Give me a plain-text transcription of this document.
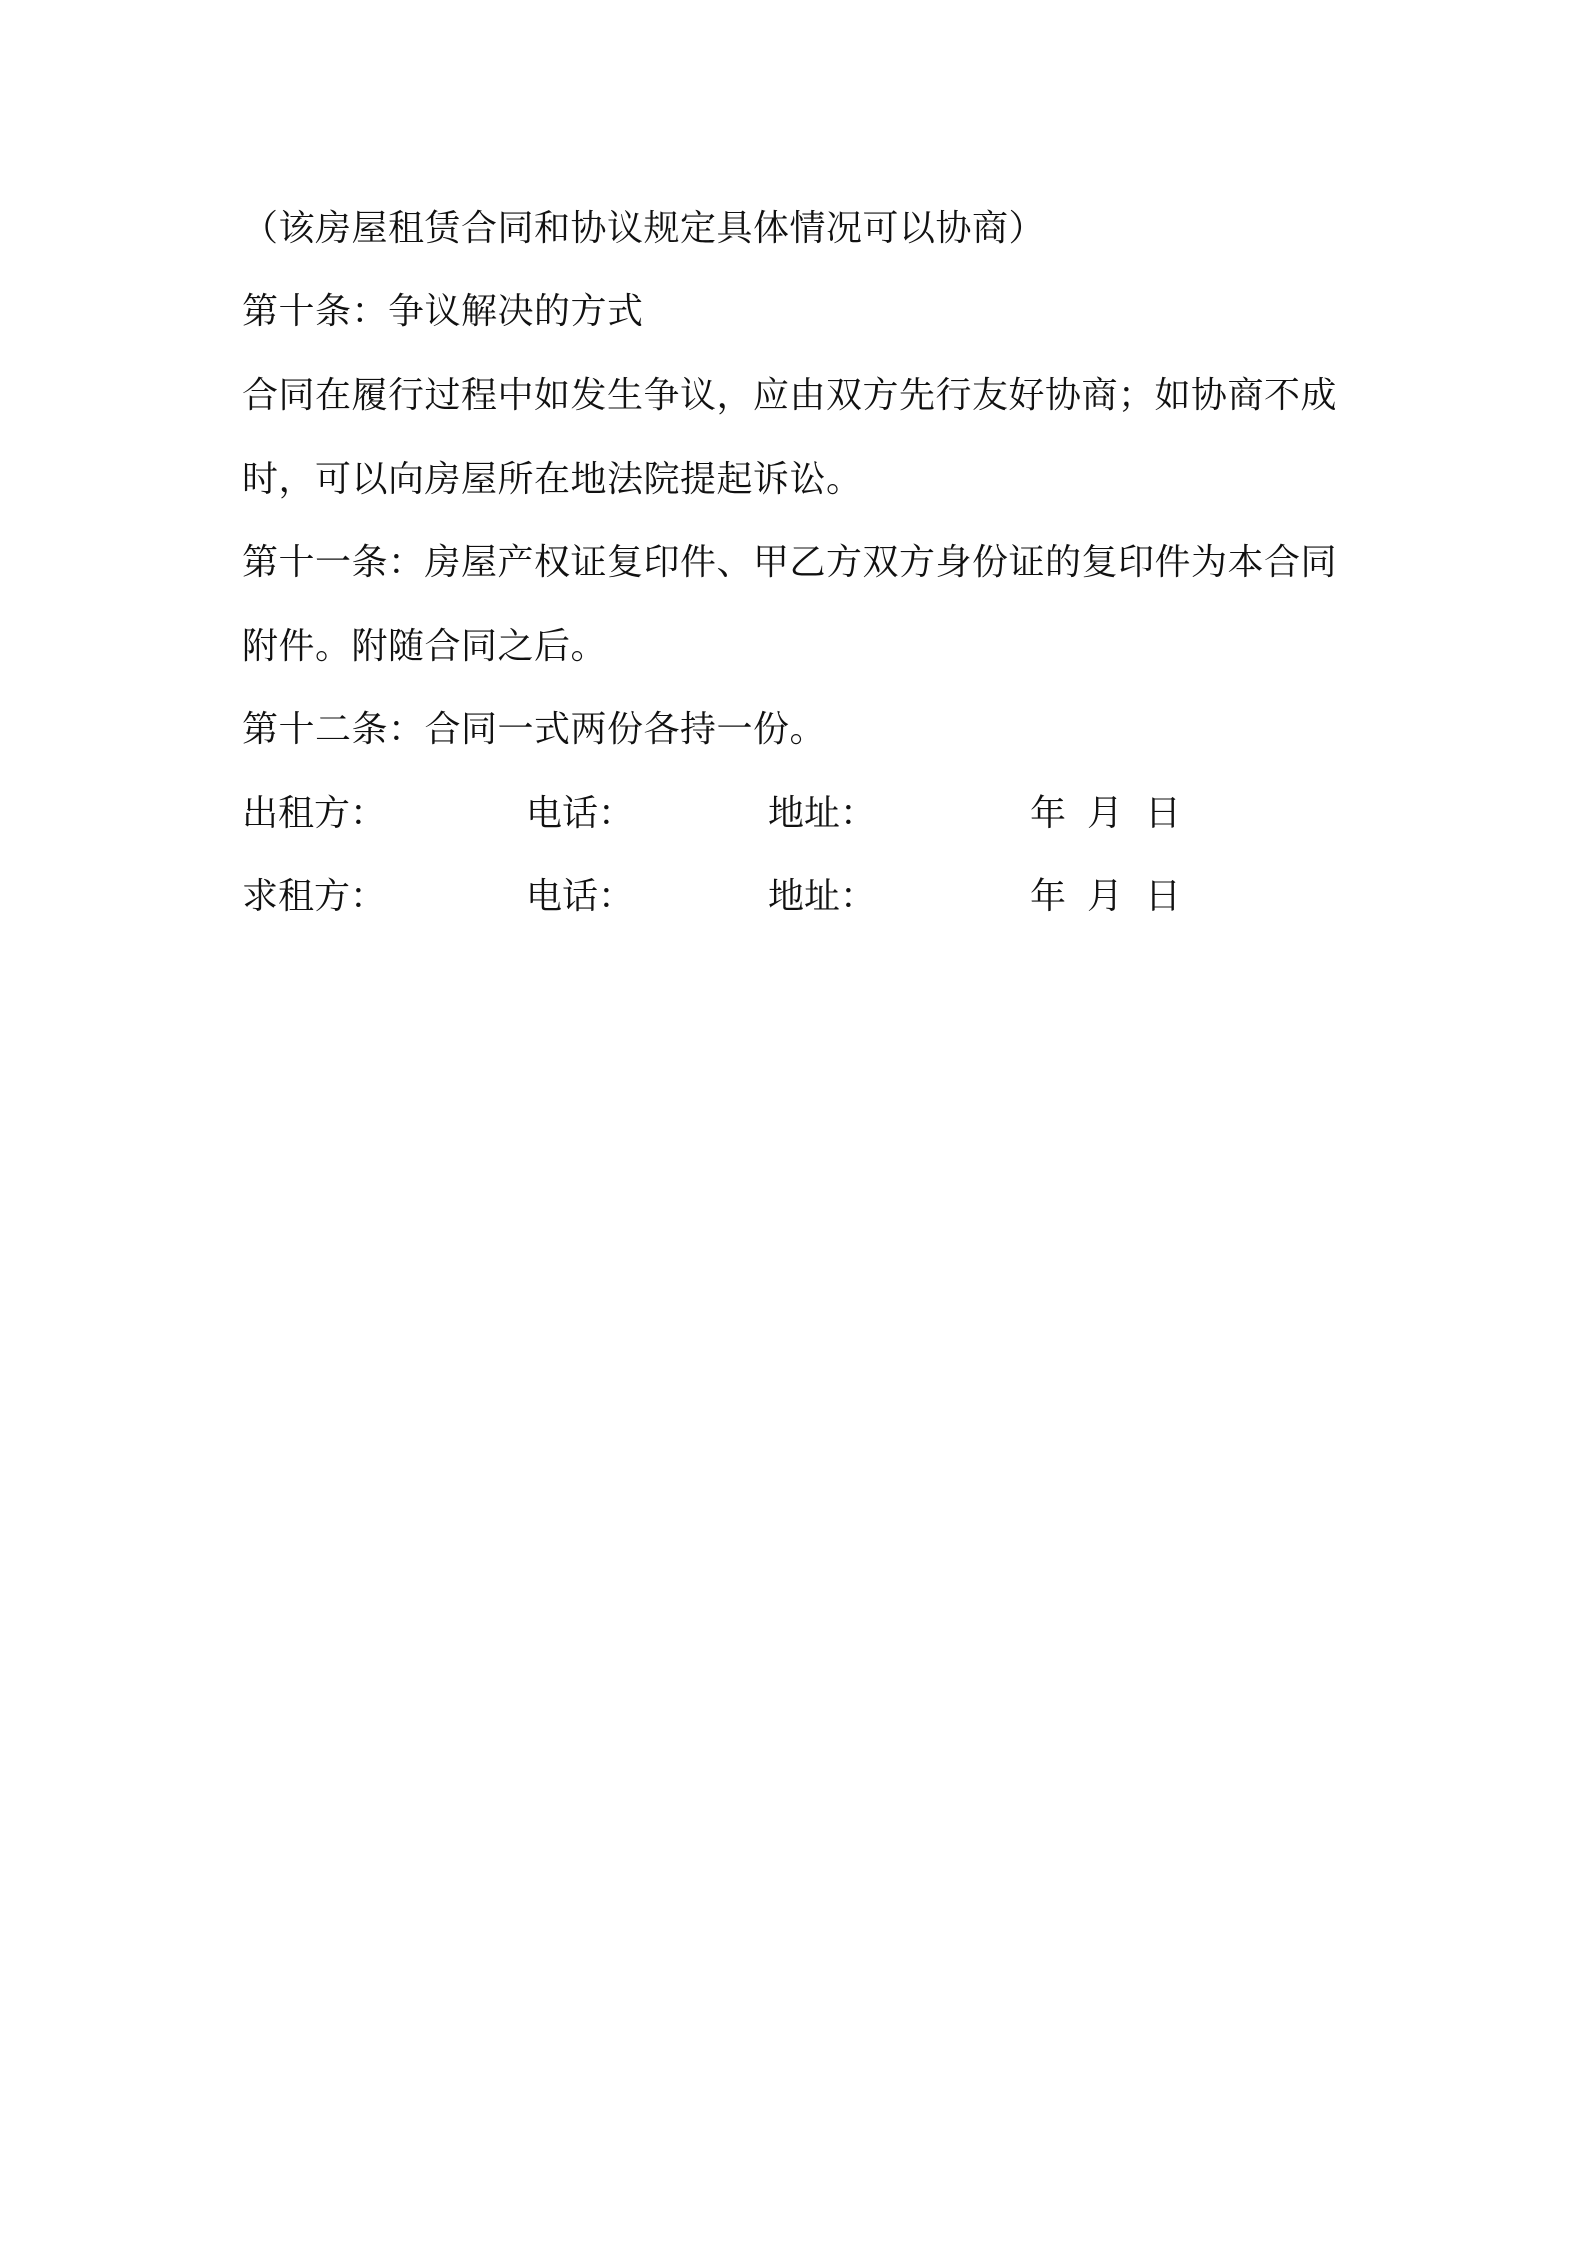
（该房屋租赁合同和协议规定具体情况可以协商）
第十条：争议解决的方式
合同在履行过程中如发生争议，应由双方先行友好协商；如协商不成
时，可以向房屋所在地法院提起诉讼。
第十一条：房屋产权证复印件、甲乙方双方身份证的复印件为本合同
附件。附随合同之后。
第十二条：合同一式两份各持一份。
出租方：	电话：	地址：	年 月 日
求租方：	电话：	地址：	年 月 日
